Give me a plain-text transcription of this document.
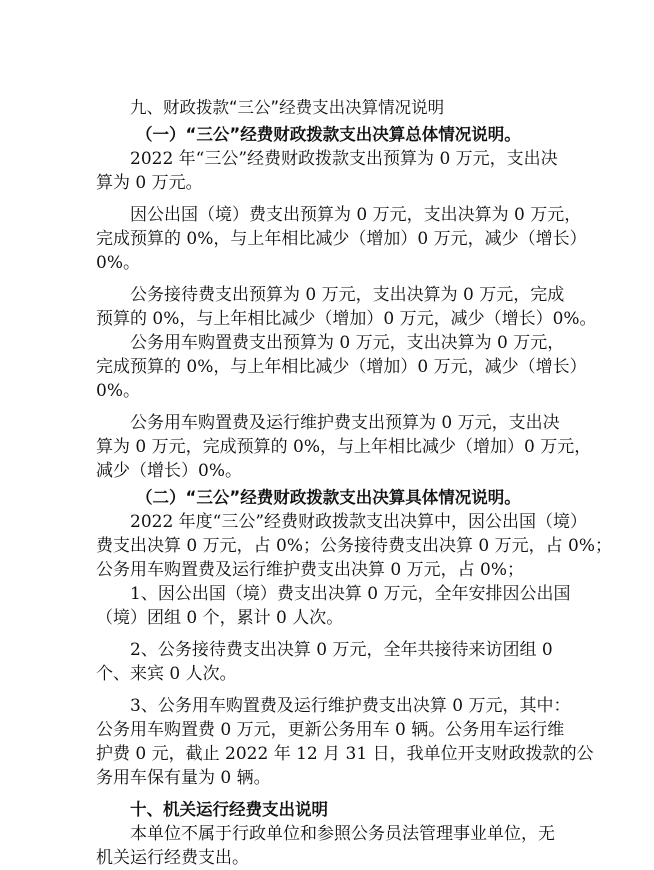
九、财政拨款“三公”经费支出决算情况说明

（一）“三公”经费财政拨款支出决算总体情况说明。

2022 年“三公”经费财政拨款支出预算为 0 万元，支出决

算为 0 万元。

因公出国（境）费支出预算为 0 万元，支出决算为 0 万元，

完成预算的 0%，与上年相比减少（增加）0 万元，减少（增长）

0%。

公务接待费支出预算为 0 万元，支出决算为 0 万元，完成

预算的 0%，与上年相比减少（增加）0 万元，减少（增长）0%。

公务用车购置费支出预算为 0 万元，支出决算为 0 万元，

完成预算的 0%，与上年相比减少（增加）0 万元，减少（增长）

0%。

公务用车购置费及运行维护费支出预算为 0 万元，支出决

算为 0 万元，完成预算的 0%，与上年相比减少（增加）0 万元，

减少（增长）0%。

（二）“三公”经费财政拨款支出决算具体情况说明。

2022 年度“三公”经费财政拨款支出决算中，因公出国（境）

费支出决算 0 万元，占 0%；公务接待费支出决算 0 万元，占 0%；

公务用车购置费及运行维护费支出决算 0 万元，占 0%；

1、因公出国（境）费支出决算 0 万元，全年安排因公出国

（境）团组 0 个，累计 0 人次。

2、公务接待费支出决算 0 万元，全年共接待来访团组 0

个、来宾 0 人次。

3、公务用车购置费及运行维护费支出决算 0 万元，其中：

公务用车购置费 0 万元，更新公务用车 0 辆。公务用车运行维

护费 0 元，截止 2022 年 12 月 31 日，我单位开支财政拨款的公

务用车保有量为 0 辆。

十、机关运行经费支出说明

本单位不属于行政单位和参照公务员法管理事业单位，无

机关运行经费支出。
